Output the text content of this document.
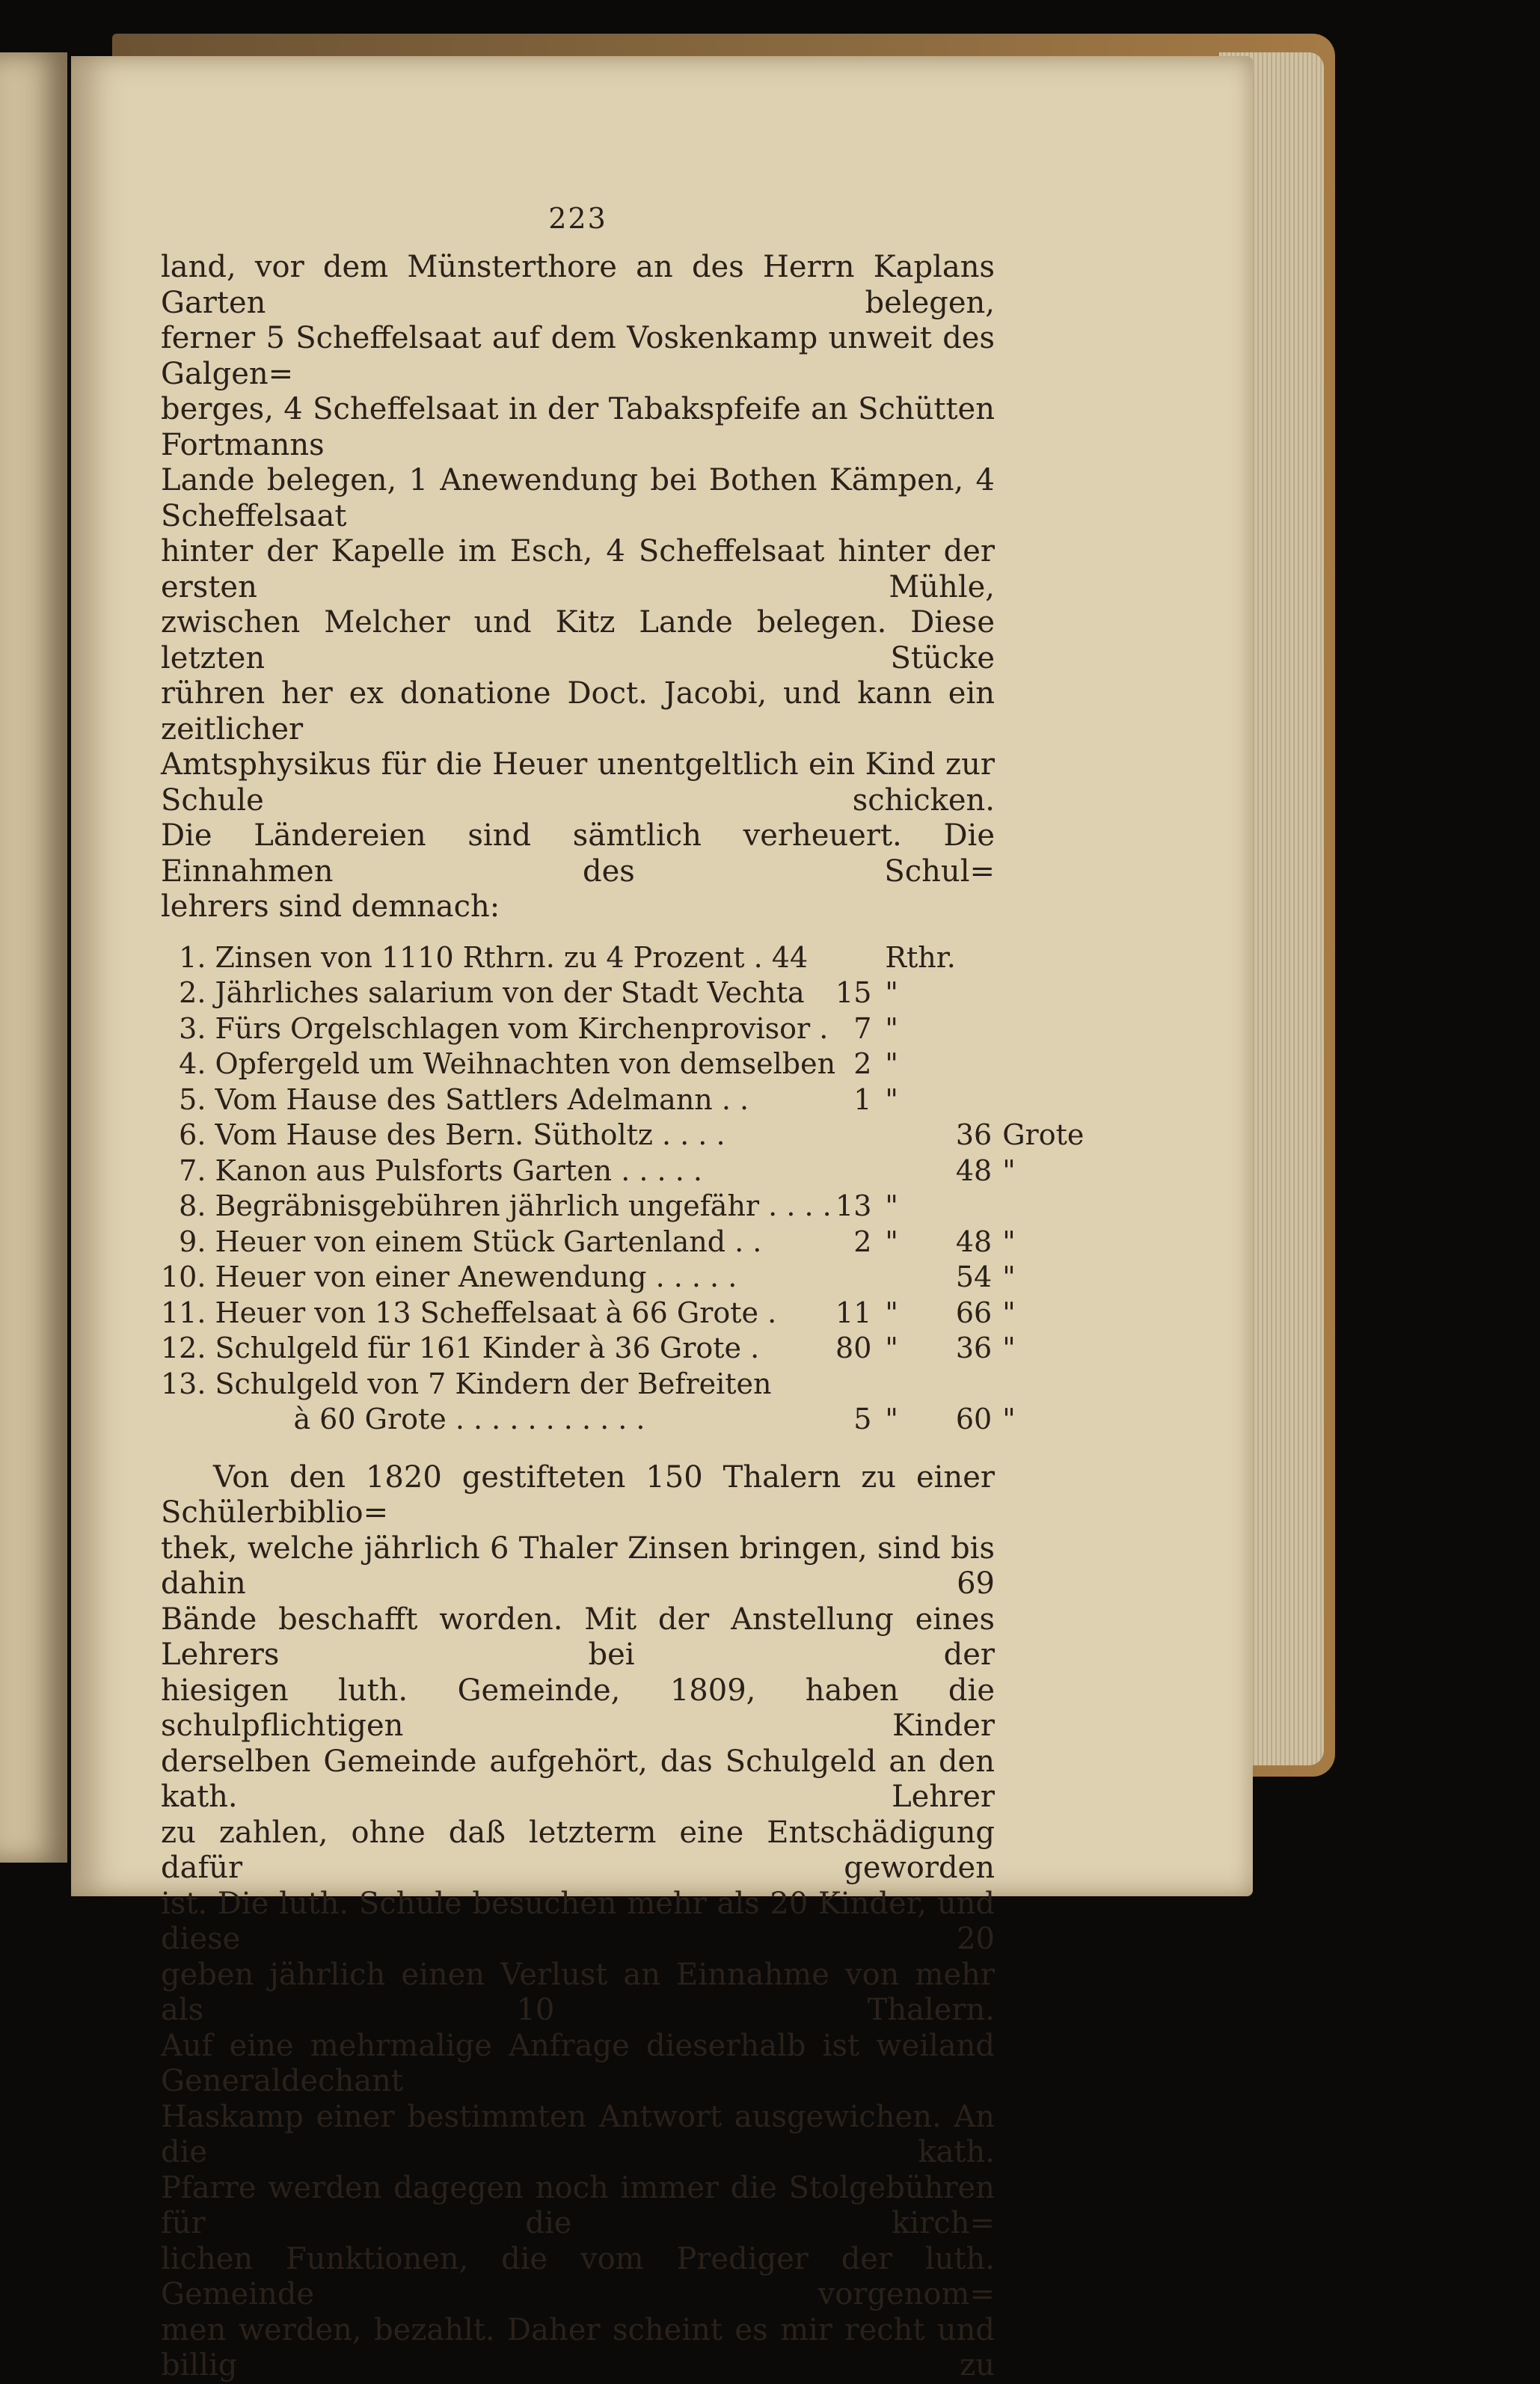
223

land, vor dem Münsterthore an des Herrn Kaplans Garten belegen,
ferner 5 Scheffelsaat auf dem Voskenkamp unweit des Galgen=
berges, 4 Scheffelsaat in der Tabakspfeife an Schütten Fortmanns
Lande belegen, 1 Anewendung bei Bothen Kämpen, 4 Scheffelsaat
hinter der Kapelle im Esch, 4 Scheffelsaat hinter der ersten Mühle,
zwischen Melcher und Kitz Lande belegen. Diese letzten Stücke
rühren her ex donatione Doct. Jacobi, und kann ein zeitlicher
Amtsphysikus für die Heuer unentgeltlich ein Kind zur Schule schicken.
Die Ländereien sind sämtlich verheuert. Die Einnahmen des Schul=
lehrers sind demnach:

1.	Zinsen von 1110 Rthrn. zu 4 Prozent . 44		Rthr.		
2.	Jährliches salarium von der Stadt Vechta	15	"		
3.	Fürs Orgelschlagen vom Kirchenprovisor .	7	"		
4.	Opfergeld um Weihnachten von demselben	2	"		
5.	Vom Hause des Sattlers Adelmann . .	1	"		
6.	Vom Hause des Bern. Sütholtz . . . .			36	Grote
7.	Kanon aus Pulsforts Garten . . . . .			48	"
8.	Begräbnisgebühren jährlich ungefähr . . . .	13	"		
9.	Heuer von einem Stück Gartenland . .	2	"	48	"
10.	Heuer von einer Anewendung . . . . .			54	"
11.	Heuer von 13 Scheffelsaat à 66 Grote .	11	"	66	"
12.	Schulgeld für 161 Kinder à 36 Grote .	80	"	36	"
13.	Schulgeld von 7 Kindern der Befreiten				
	à 60 Grote . . . . . . . . . . .	5	"	60	"

Von den 1820 gestifteten 150 Thalern zu einer Schülerbiblio=
thek, welche jährlich 6 Thaler Zinsen bringen, sind bis dahin 69
Bände beschafft worden. Mit der Anstellung eines Lehrers bei der
hiesigen luth. Gemeinde, 1809, haben die schulpflichtigen Kinder
derselben Gemeinde aufgehört, das Schulgeld an den kath. Lehrer
zu zahlen, ohne daß letzterm eine Entschädigung dafür geworden
ist. Die luth. Schule besuchen mehr als 20 Kinder, und diese 20
geben jährlich einen Verlust an Einnahme von mehr als 10 Thalern.
Auf eine mehrmalige Anfrage dieserhalb ist weiland Generaldechant
Haskamp einer bestimmten Antwort ausgewichen. An die kath.
Pfarre werden dagegen noch immer die Stolgebühren für die kirch=
lichen Funktionen, die vom Prediger der luth. Gemeinde vorgenom=
men werden, bezahlt. Daher scheint es mir recht und billig zu
